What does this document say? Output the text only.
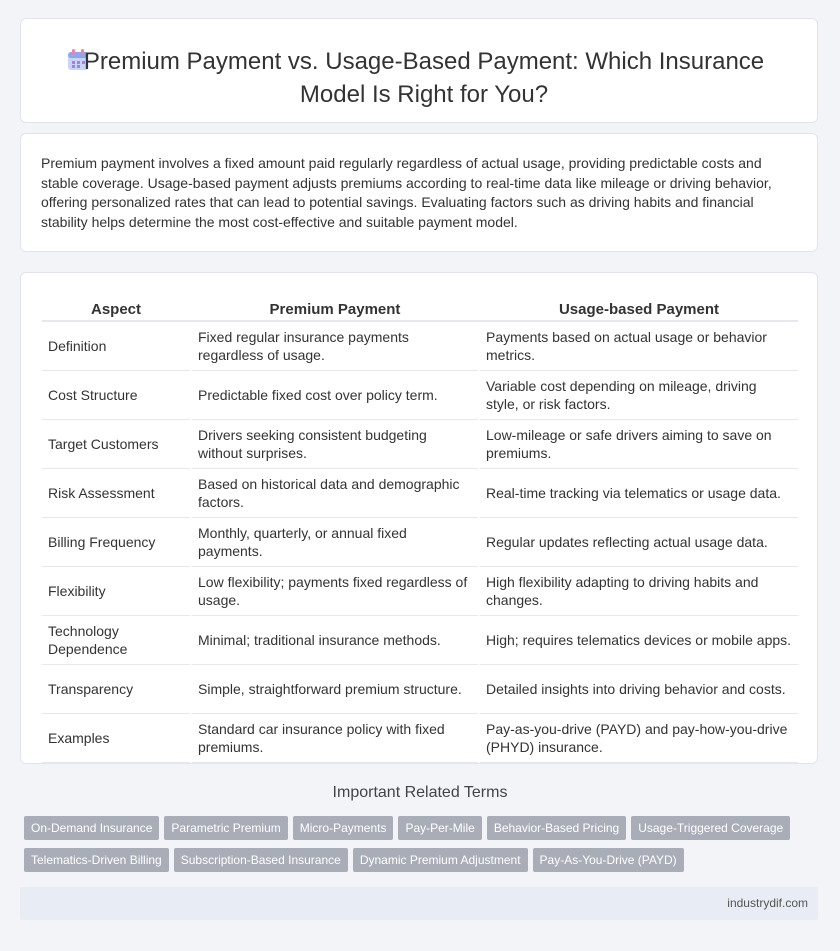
Premium Payment vs. Usage-Based Payment: Which Insurance Model Is Right for You?
Premium payment involves a fixed amount paid regularly regardless of actual usage, providing predictable costs and stable coverage. Usage-based payment adjusts premiums according to real-time data like mileage or driving behavior, offering personalized rates that can lead to potential savings. Evaluating factors such as driving habits and financial stability helps determine the most cost-effective and suitable payment model.
Aspect	Premium Payment	Usage-based Payment
Definition	Fixed regular insurance payments regardless of usage.	Payments based on actual usage or behavior metrics.
Cost Structure	Predictable fixed cost over policy term.	Variable cost depending on mileage, driving style, or risk factors.
Target Customers	Drivers seeking consistent budgeting without surprises.	Low-mileage or safe drivers aiming to save on premiums.
Risk Assessment	Based on historical data and demographic factors.	Real-time tracking via telematics or usage data.
Billing Frequency	Monthly, quarterly, or annual fixed payments.	Regular updates reflecting actual usage data.
Flexibility	Low flexibility; payments fixed regardless of usage.	High flexibility adapting to driving habits and changes.
Technology Dependence	Minimal; traditional insurance methods.	High; requires telematics devices or mobile apps.
Transparency	Simple, straightforward premium structure.	Detailed insights into driving behavior and costs.
Examples	Standard car insurance policy with fixed premiums.	Pay-as-you-drive (PAYD) and pay-how-you-drive (PHYD) insurance.
Important Related Terms
On-Demand Insurance Parametric Premium Micro-Payments Pay-Per-Mile Behavior-Based Pricing Usage-Triggered CoverageTelematics-Driven Billing Subscription-Based Insurance Dynamic Premium Adjustment Pay-As-You-Drive (PAYD)
industrydif.com
